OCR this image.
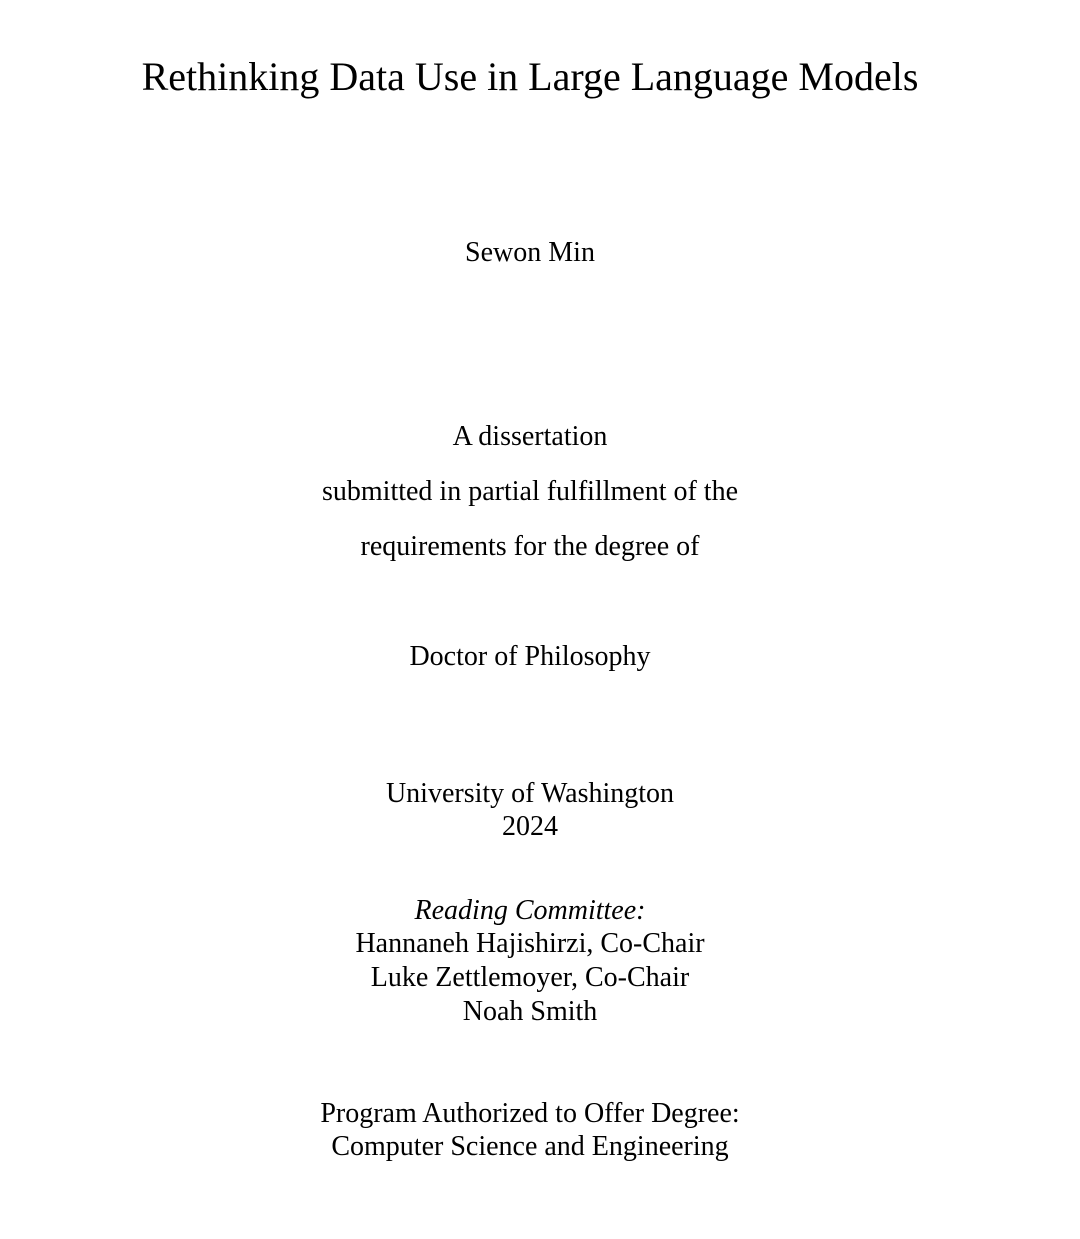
Rethinking Data Use in Large Language Models
Sewon Min
A dissertation
submitted in partial fulfillment of the
requirements for the degree of
Doctor of Philosophy
University of Washington
2024
Reading Committee:
Hannaneh Hajishirzi, Co-Chair
Luke Zettlemoyer, Co-Chair
Noah Smith
Program Authorized to Offer Degree:
Computer Science and Engineering
